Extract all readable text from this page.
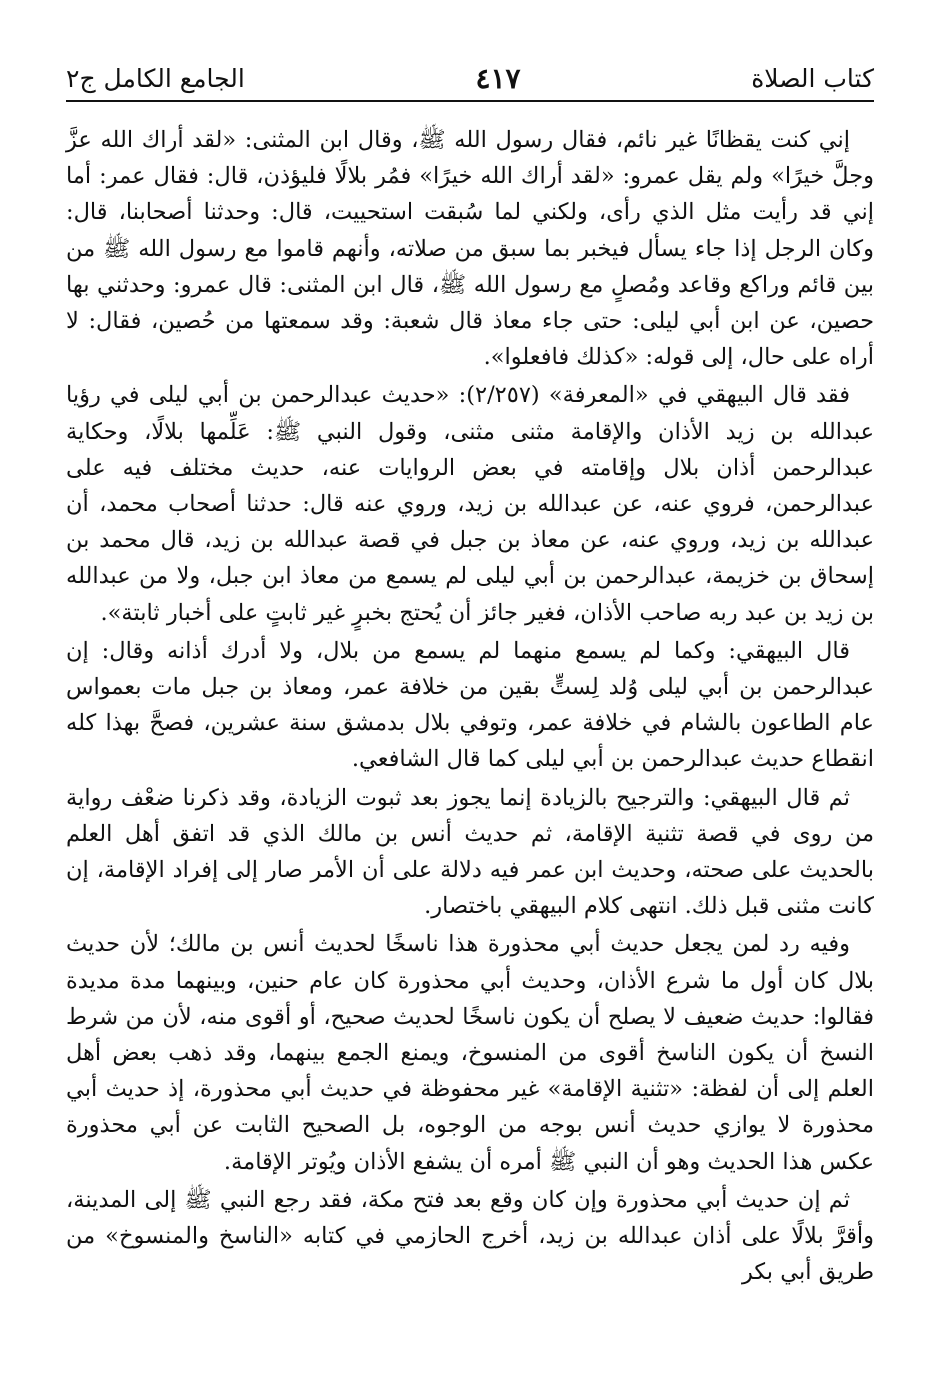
كتاب الصلاة
٤١٧
الجامع الكامل ج٢

إني كنت يقظانًا غير نائم، فقال رسول الله ﷺ، وقال ابن المثنى: «لقد أراك الله عزَّ وجلَّ خيرًا» ولم يقل عمرو: «لقد أراك الله خيرًا» فمُر بلالًا فليؤذن، قال: فقال عمر: أما إني قد رأيت مثل الذي رأى، ولكني لما سُبقت استحييت، قال: وحدثنا أصحابنا، قال: وكان الرجل إذا جاء يسأل فيخبر بما سبق من صلاته، وأنهم قاموا مع رسول الله ﷺ من بين قائم وراكع وقاعد ومُصلٍ مع رسول الله ﷺ، قال ابن المثنى: قال عمرو: وحدثني بها حصين، عن ابن أبي ليلى: حتى جاء معاذ قال شعبة: وقد سمعتها من حُصين، فقال: لا أراه على حال، إلى قوله: «كذلك فافعلوا».

فقد قال البيهقي في «المعرفة» (٢/٢٥٧): «حديث عبدالرحمن بن أبي ليلى في رؤيا عبدالله بن زيد الأذان والإقامة مثنى مثنى، وقول النبي ﷺ: عَلِّمها بلالًا، وحكاية عبدالرحمن أذان بلال وإقامته في بعض الروايات عنه، حديث مختلف فيه على عبدالرحمن، فروي عنه، عن عبدالله بن زيد، وروي عنه قال: حدثنا أصحاب محمد، أن عبدالله بن زيد، وروي عنه، عن معاذ بن جبل في قصة عبدالله بن زيد، قال محمد بن إسحاق بن خزيمة، عبدالرحمن بن أبي ليلى لم يسمع من معاذ ابن جبل، ولا من عبدالله بن زيد بن عبد ربه صاحب الأذان، فغير جائز أن يُحتج بخبرٍ غير ثابتٍ على أخبار ثابتة».

قال البيهقي: وكما لم يسمع منهما لم يسمع من بلال، ولا أدرك أذانه وقال: إن عبدالرحمن بن أبي ليلى وُلد لِستٍّ بقين من خلافة عمر، ومعاذ بن جبل مات بعمواس عام الطاعون بالشام في خلافة عمر، وتوفي بلال بدمشق سنة عشرين، فصحَّ بهذا كله انقطاع حديث عبدالرحمن بن أبي ليلى كما قال الشافعي.

ثم قال البيهقي: والترجيح بالزيادة إنما يجوز بعد ثبوت الزيادة، وقد ذكرنا ضعْف رواية من روى في قصة تثنية الإقامة، ثم حديث أنس بن مالك الذي قد اتفق أهل العلم بالحديث على صحته، وحديث ابن عمر فيه دلالة على أن الأمر صار إلى إفراد الإقامة، إن كانت مثنى قبل ذلك. انتهى كلام البيهقي باختصار.

وفيه رد لمن يجعل حديث أبي محذورة هذا ناسخًا لحديث أنس بن مالك؛ لأن حديث بلال كان أول ما شرع الأذان، وحديث أبي محذورة كان عام حنين، وبينهما مدة مديدة فقالوا: حديث ضعيف لا يصلح أن يكون ناسخًا لحديث صحيح، أو أقوى منه، لأن من شرط النسخ أن يكون الناسخ أقوى من المنسوخ، ويمنع الجمع بينهما، وقد ذهب بعض أهل العلم إلى أن لفظة: «تثنية الإقامة» غير محفوظة في حديث أبي محذورة، إذ حديث أبي محذورة لا يوازي حديث أنس بوجه من الوجوه، بل الصحيح الثابت عن أبي محذورة عكس هذا الحديث وهو أن النبي ﷺ أمره أن يشفع الأذان ويُوتر الإقامة.

ثم إن حديث أبي محذورة وإن كان وقع بعد فتح مكة، فقد رجع النبي ﷺ إلى المدينة، وأقرَّ بلالًا على أذان عبدالله بن زيد، أخرج الحازمي في كتابه «الناسخ والمنسوخ» من طريق أبي بكر
